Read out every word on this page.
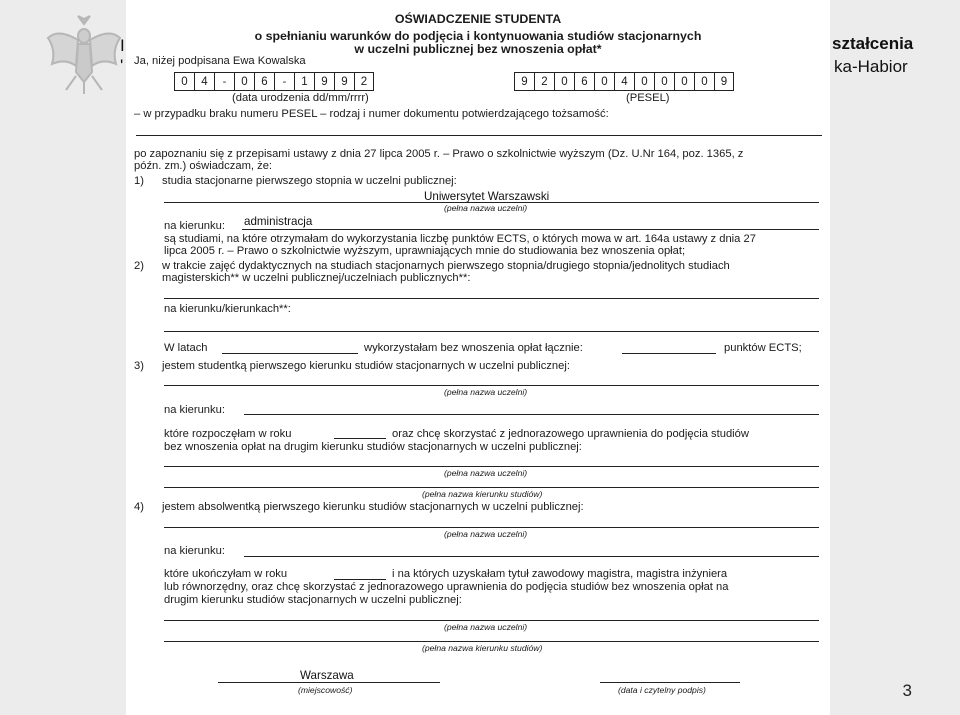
I
'
ształcenia
ka-Habior
3
OŚWIADCZENIE STUDENTA
o spełnianiu warunków do podjęcia i kontynuowania studiów stacjonarnych
w uczelni publicznej bez wnoszenia opłat*
Ja, niżej podpisana Ewa Kowalska
0	4	-	0	6	-	1	9	9	2	9	2	0	6	0	4	0	0	0	0	9
(data urodzenia dd/mm/rrrr)	(PESEL)
– w przypadku braku numeru PESEL – rodzaj i numer dokumentu potwierdzającego tożsamość:
po zapoznaniu się z przepisami ustawy z dnia 27 lipca 2005 r. – Prawo o szkolnictwie wyższym (Dz. U.Nr 164, poz. 1365, z
późn. zm.) oświadczam, że:
1) studia stacjonarne pierwszego stopnia w uczelni publicznej:
Uniwersytet Warszawski
(pełna nazwa uczelni)
na kierunku: administracja
są studiami, na które otrzymałam do wykorzystania liczbę punktów ECTS, o których mowa w art. 164a ustawy z dnia 27
lipca 2005 r. – Prawo o szkolnictwie wyższym, uprawniających mnie do studiowania bez wnoszenia opłat;
2) w trakcie zajęć dydaktycznych na studiach stacjonarnych pierwszego stopnia/drugiego stopnia/jednolitych studiach
magisterskich** w uczelni publicznej/uczelniach publicznych**:
na kierunku/kierunkach**:
W latach	wykorzystałam bez wnoszenia opłat łącznie:	punktów ECTS;
3) jestem studentką pierwszego kierunku studiów stacjonarnych w uczelni publicznej:
(pełna nazwa uczelni)
na kierunku:
które rozpoczęłam w roku	oraz chcę skorzystać z jednorazowego uprawnienia do podjęcia studiów
bez wnoszenia opłat na drugim kierunku studiów stacjonarnych w uczelni publicznej:
(pełna nazwa uczelni)
(pełna nazwa kierunku studiów)
4) jestem absolwentką pierwszego kierunku studiów stacjonarnych w uczelni publicznej:
(pełna nazwa uczelni)
na kierunku:
które ukończyłam w roku	i na których uzyskałam tytuł zawodowy magistra, magistra inżyniera
lub równorzędny, oraz chcę skorzystać z jednorazowego uprawnienia do podjęcia studiów bez wnoszenia opłat na
drugim kierunku studiów stacjonarnych w uczelni publicznej:
(pełna nazwa uczelni)
(pełna nazwa kierunku studiów)
Warszawa
(miejscowość)	(data i czytelny podpis)
